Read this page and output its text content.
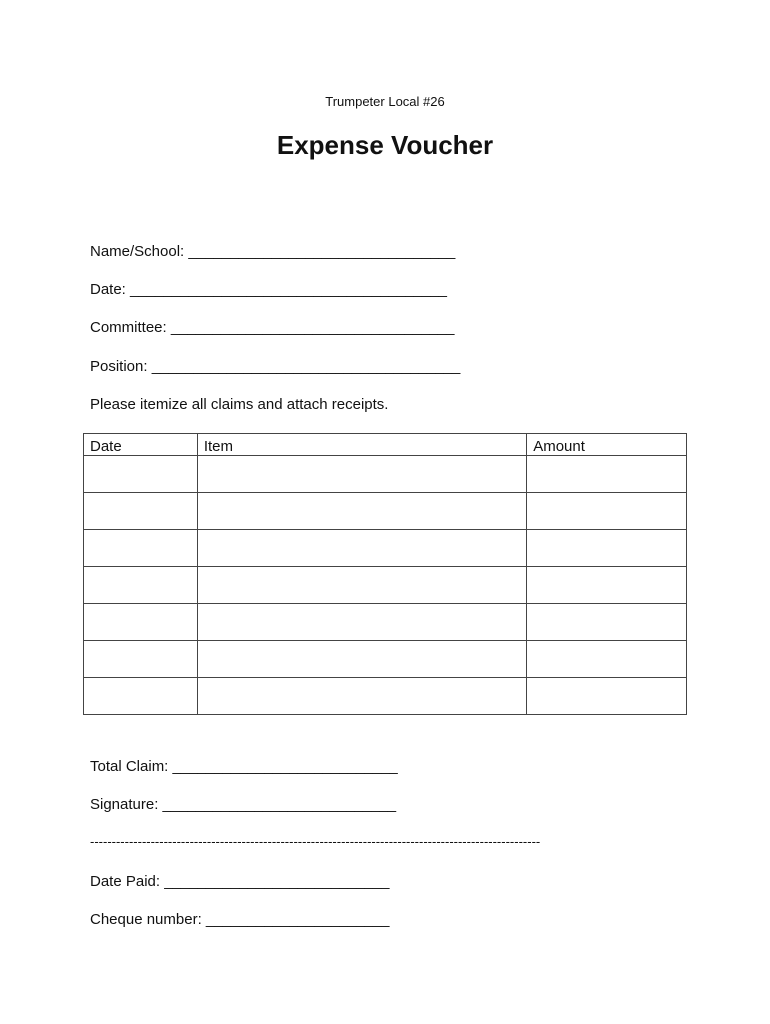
Trumpeter Local #26
Expense Voucher
Name/School: ________________________________
Date: ______________________________________
Committee: __________________________________
Position: _____________________________________
Please itemize all claims and attach receipts.
Date	Item	Amount

Total Claim: ___________________________
Signature: ____________________________
--------------------------------------------------------------------------------------------------------
Date Paid: ___________________________
Cheque number: ______________________
